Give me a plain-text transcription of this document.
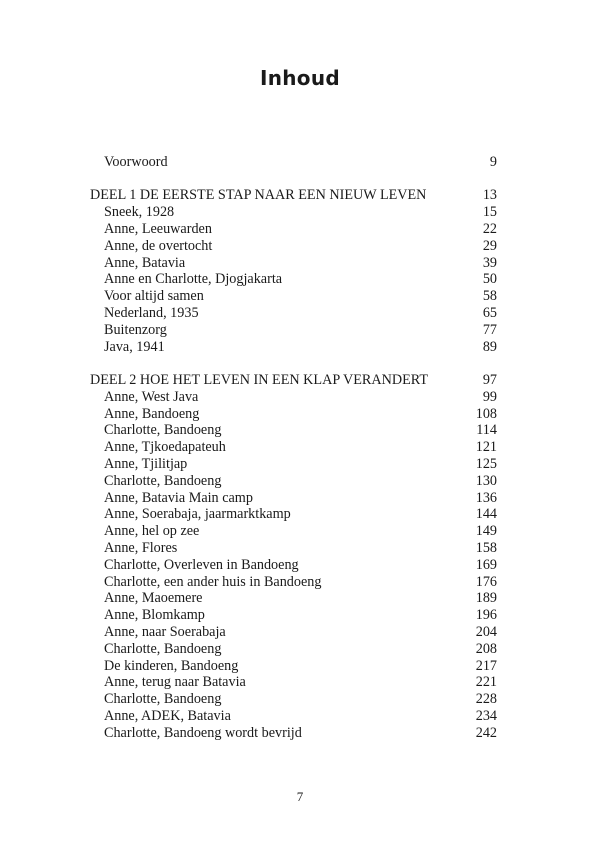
Inhoud
Voorwoord	9
DEEL 1 DE EERSTE STAP NAAR EEN NIEUW LEVEN	13
Sneek, 1928	15
Anne, Leeuwarden	22
Anne, de overtocht	29
Anne, Batavia	39
Anne en Charlotte, Djogjakarta	50
Voor altijd samen	58
Nederland, 1935	65
Buitenzorg	77
Java, 1941	89
DEEL 2 HOE HET LEVEN IN EEN KLAP VERANDERT	97
Anne, West Java	99
Anne, Bandoeng	108
Charlotte, Bandoeng	114
Anne, Tjkoedapateuh	121
Anne, Tjilitjap	125
Charlotte, Bandoeng	130
Anne, Batavia Main camp	136
Anne, Soerabaja, jaarmarktkamp	144
Anne, hel op zee	149
Anne, Flores	158
Charlotte, Overleven in Bandoeng	169
Charlotte, een ander huis in Bandoeng	176
Anne, Maoemere	189
Anne, Blomkamp	196
Anne, naar Soerabaja	204
Charlotte, Bandoeng	208
De kinderen, Bandoeng	217
Anne, terug naar Batavia	221
Charlotte, Bandoeng	228
Anne, ADEK, Batavia	234
Charlotte, Bandoeng wordt bevrijd	242
7
